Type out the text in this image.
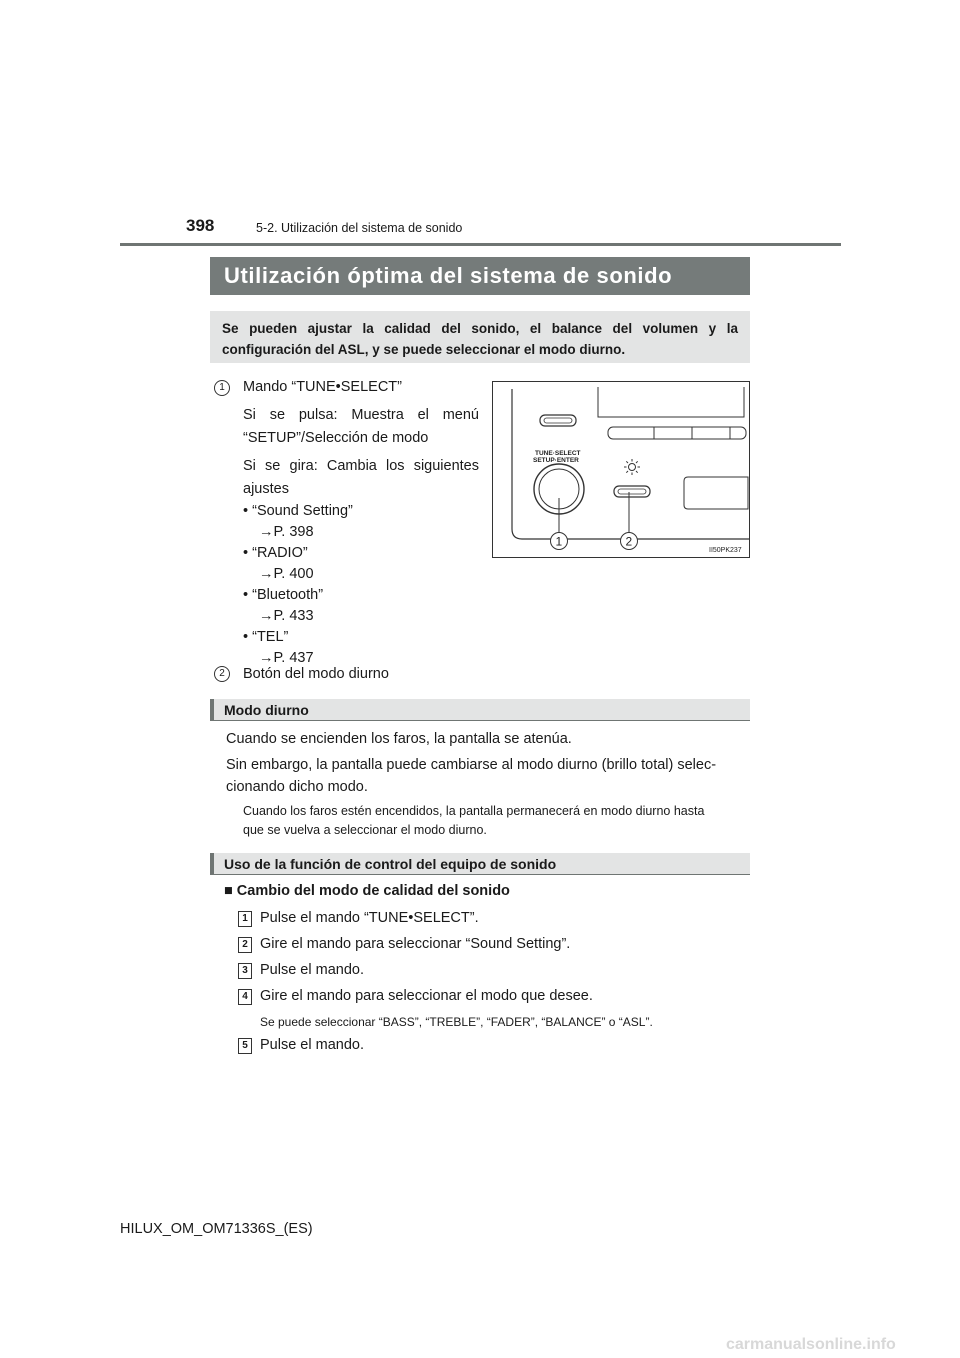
398	5-2. Utilización del sistema de sonido
Utilización óptima del sistema de sonido
Se pueden ajustar la calidad del sonido, el balance del volumen y la configuración del ASL, y se puede seleccionar el modo diurno.
1	Mando “TUNE•SELECT”

Si se pulsa: Muestra el menú “SETUP”/Selección de modo

Si se gira: Cambia los siguientes ajustes

• “Sound Setting”
→P. 398
• “RADIO”
→P. 400
• “Bluetooth”
→P. 433
• “TEL”
→P. 437
2	Botón del modo diurno
TUNE·SELECT
SETUP·ENTER
1	2
II50PK237
Modo diurno
Cuando se encienden los faros, la pantalla se atenúa.
Sin embargo, la pantalla puede cambiarse al modo diurno (brillo total) selec-
cionando dicho modo.
Cuando los faros estén encendidos, la pantalla permanecerá en modo diurno hasta
que se vuelva a seleccionar el modo diurno.
Uso de la función de control del equipo de sonido
■ Cambio del modo de calidad del sonido
1 Pulse el mando “TUNE•SELECT”.
2 Gire el mando para seleccionar “Sound Setting”.
3 Pulse el mando.
4 Gire el mando para seleccionar el modo que desee.
Se puede seleccionar “BASS”, “TREBLE”, “FADER”, “BALANCE” o “ASL”.
5 Pulse el mando.
HILUX_OM_OM71336S_(ES)
carmanualsonline.info
